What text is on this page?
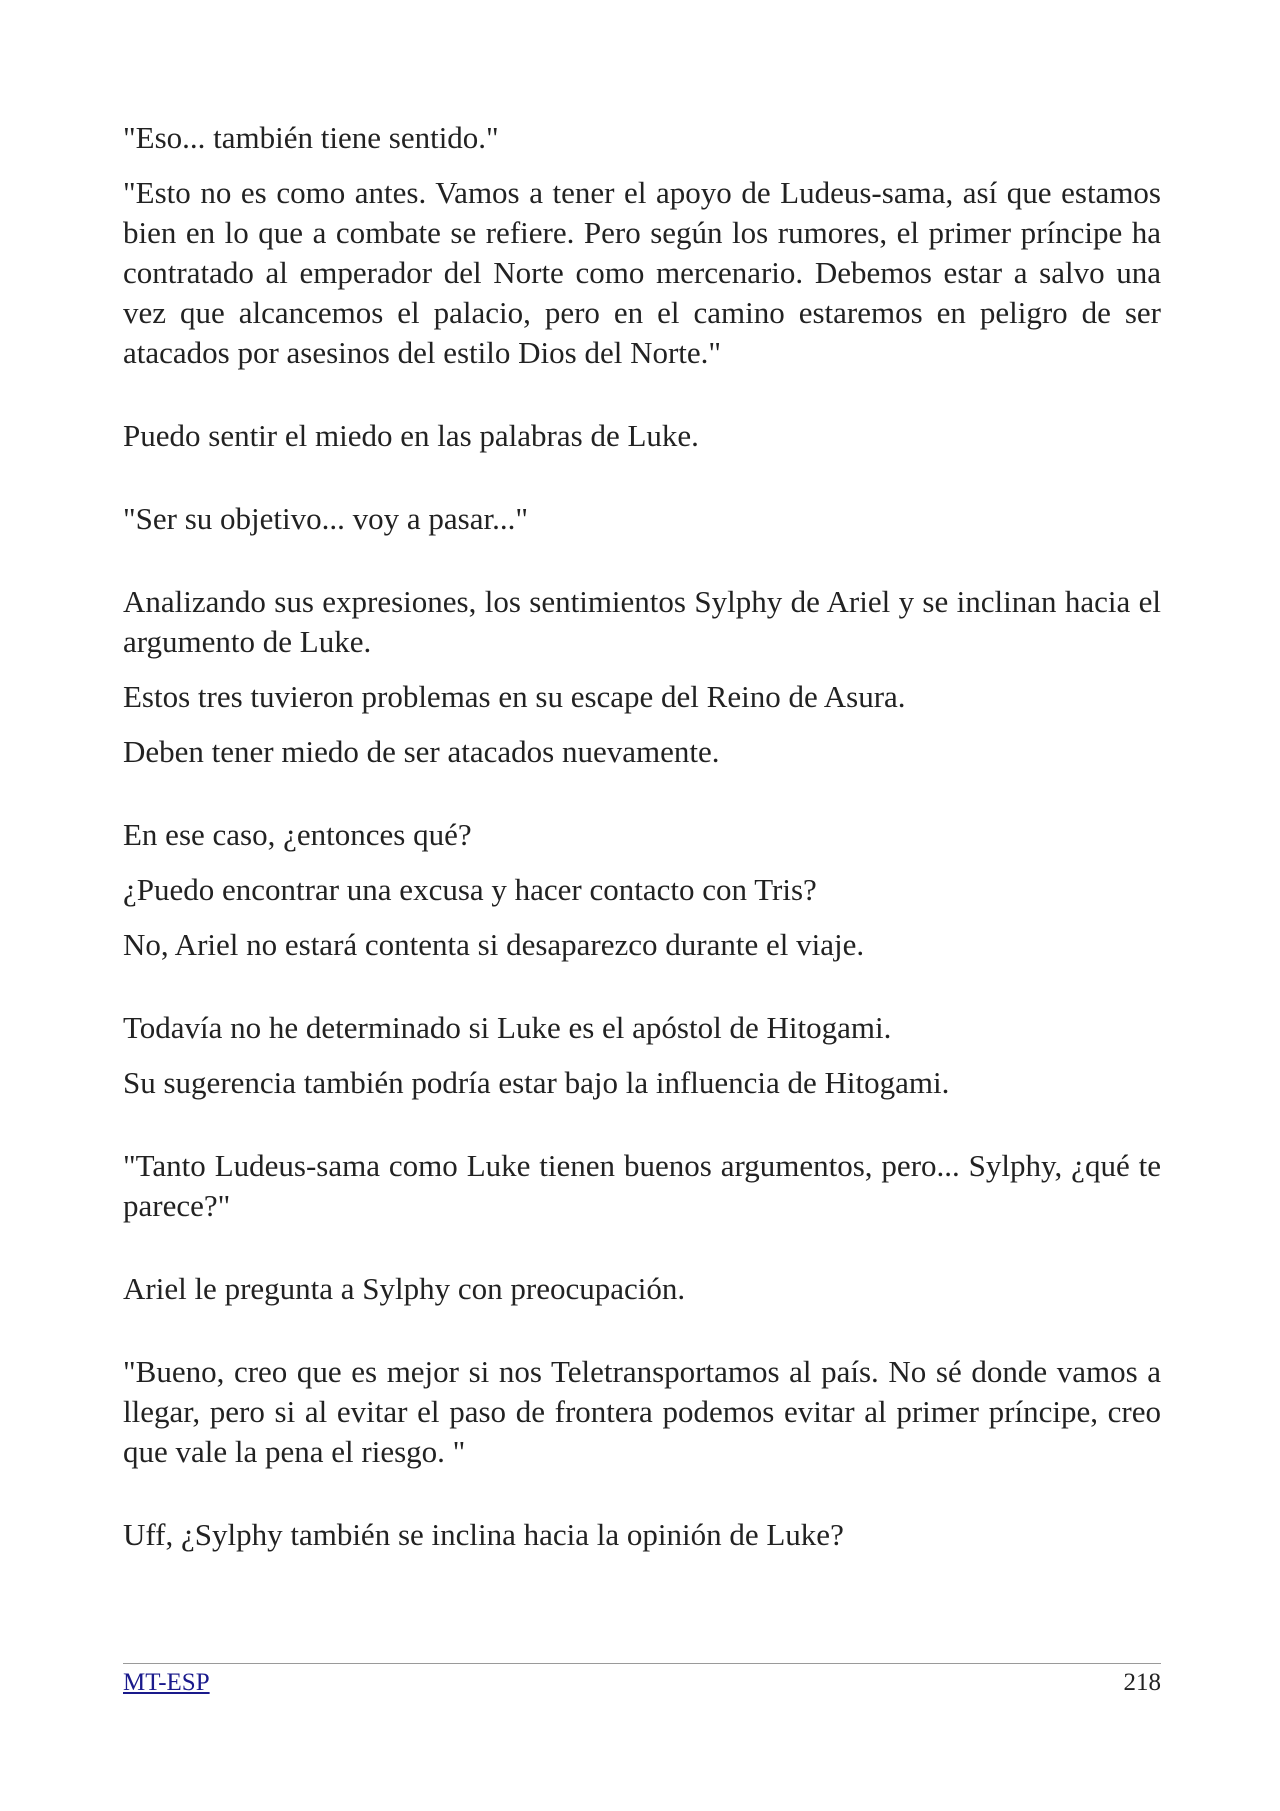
"Eso... también tiene sentido."

"Esto no es como antes. Vamos a tener el apoyo de Ludeus-sama, así que estamos bien en lo que a combate se refiere. Pero según los rumores, el primer príncipe ha contratado al emperador del Norte como mercenario. Debemos estar a salvo una vez que alcancemos el palacio, pero en el camino estaremos en peligro de ser atacados por asesinos del estilo Dios del Norte."

Puedo sentir el miedo en las palabras de Luke.

"Ser su objetivo... voy a pasar..."

Analizando sus expresiones, los sentimientos Sylphy de Ariel y se inclinan hacia el argumento de Luke.

Estos tres tuvieron problemas en su escape del Reino de Asura.

Deben tener miedo de ser atacados nuevamente.

En ese caso, ¿entonces qué?

¿Puedo encontrar una excusa y hacer contacto con Tris?

No, Ariel no estará contenta si desaparezco durante el viaje.

Todavía no he determinado si Luke es el apóstol de Hitogami.

Su sugerencia también podría estar bajo la influencia de Hitogami.

"Tanto Ludeus-sama como Luke tienen buenos argumentos, pero... Sylphy, ¿qué te parece?"

Ariel le pregunta a Sylphy con preocupación.

"Bueno, creo que es mejor si nos Teletransportamos al país. No sé donde vamos a llegar, pero si al evitar el paso de frontera podemos evitar al primer príncipe, creo que vale la pena el riesgo. "

Uff, ¿Sylphy también se inclina hacia la opinión de Luke?

MT-ESP	218
